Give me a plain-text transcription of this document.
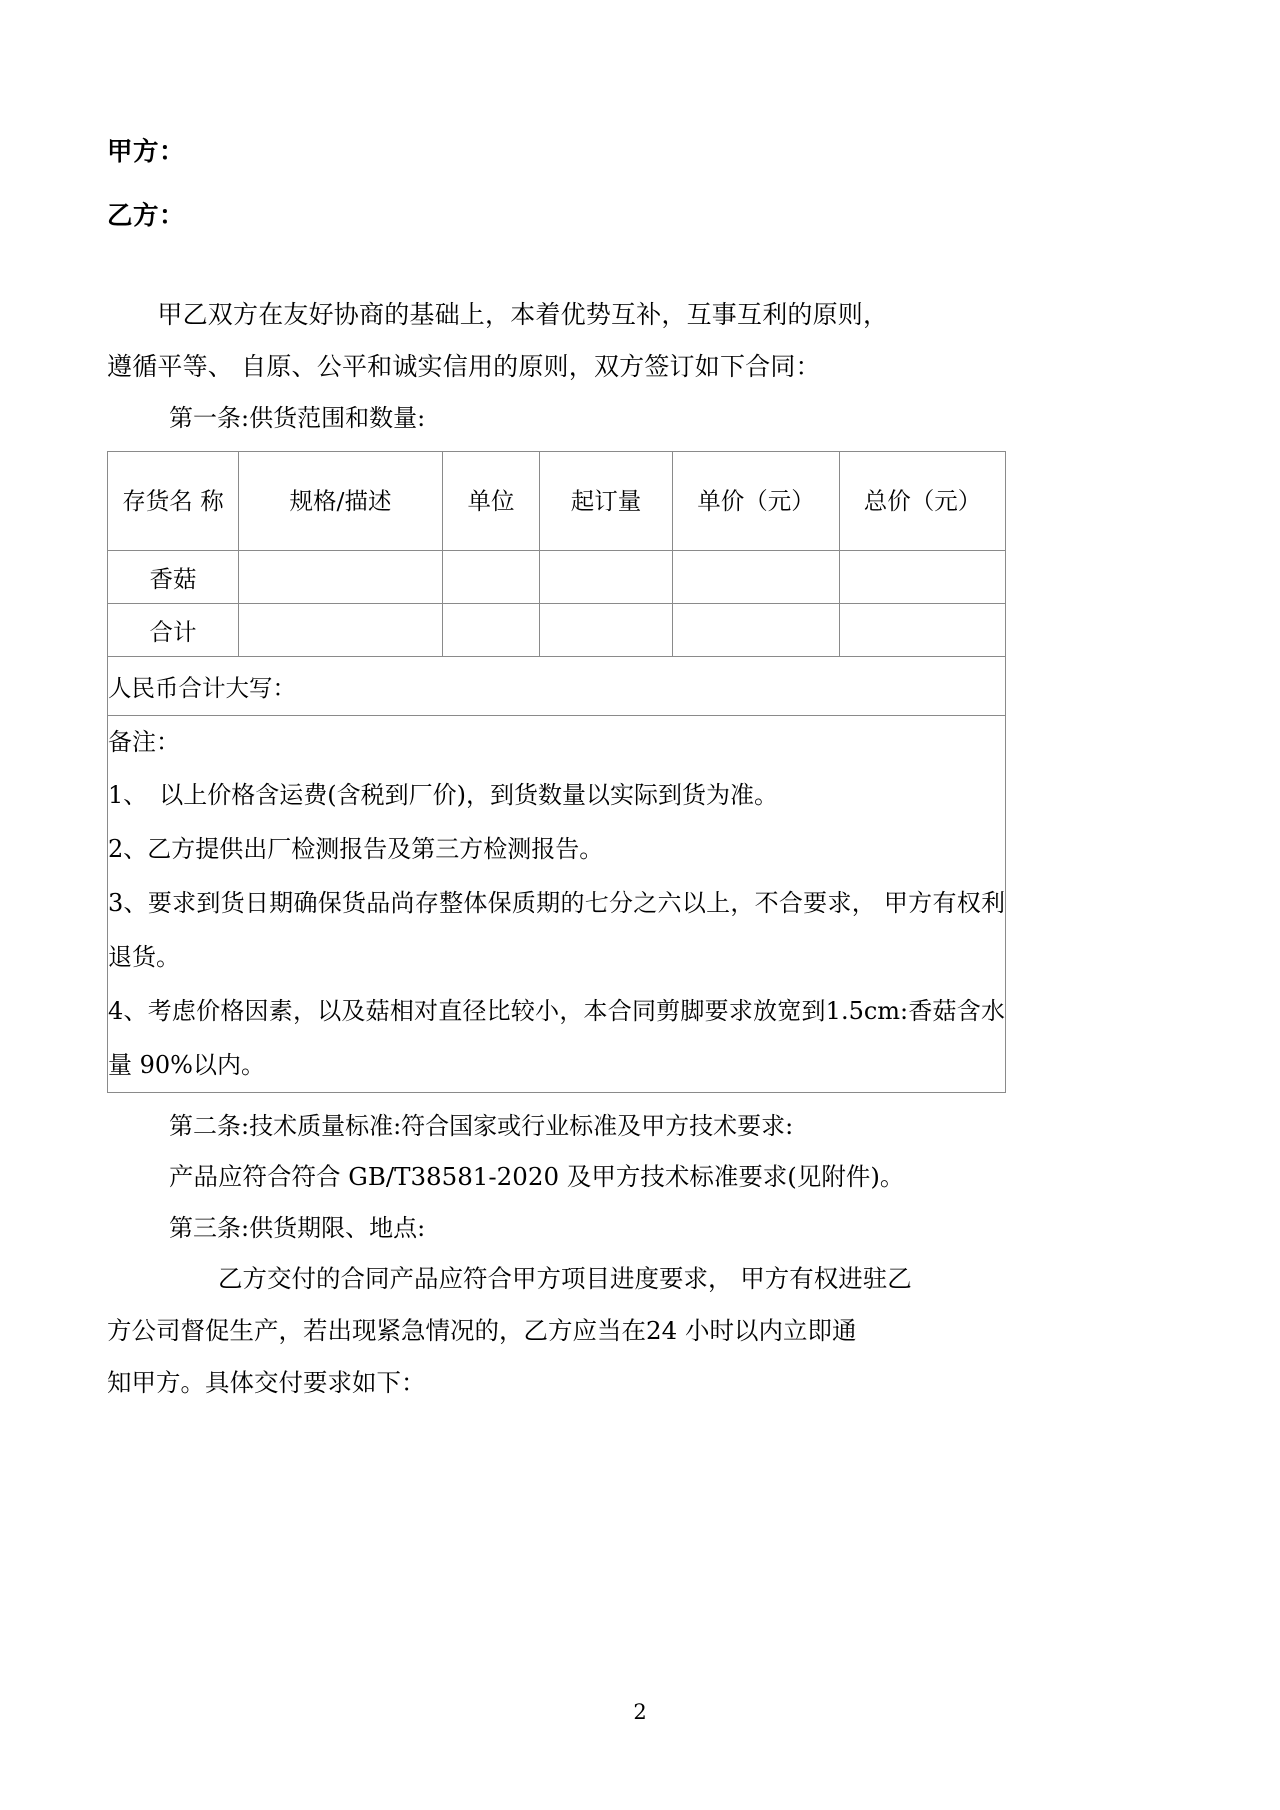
甲方：
乙方：

　　甲乙双方在友好协商的基础上，本着优势互补，互事互利的原则，

遵循平等、 自原、公平和诚实信用的原则，双方签订如下合同：

第一条:供货范围和数量:

存货名 称	规格/描述	单位	起订量	单价（元）	总价（元）
香菇					
合计					
人民币合计大写：					

备注：

1、　以上价格含运费(含税到厂价)，到货数量以实际到货为准。

2、乙方提供出厂检测报告及第三方检测报告。

3、要求到货日期确保货品尚存整体保质期的七分之六以上，不合要求， 甲方有权利退货。

4、考虑价格因素，以及菇相对直径比较小，本合同剪脚要求放宽到1.5cm:香菇含水量 90%以内。					

第二条:技术质量标准:符合国家或行业标准及甲方技术要求:

产品应符合符合 GB/T38581-2020 及甲方技术标准要求(见附件)。

第三条:供货期限、地点:

　　乙方交付的合同产品应符合甲方项目进度要求， 甲方有权进驻乙

方公司督促生产，若出现紧急情况的，乙方应当在24 小时以内立即通

知甲方。具体交付要求如下：

2
